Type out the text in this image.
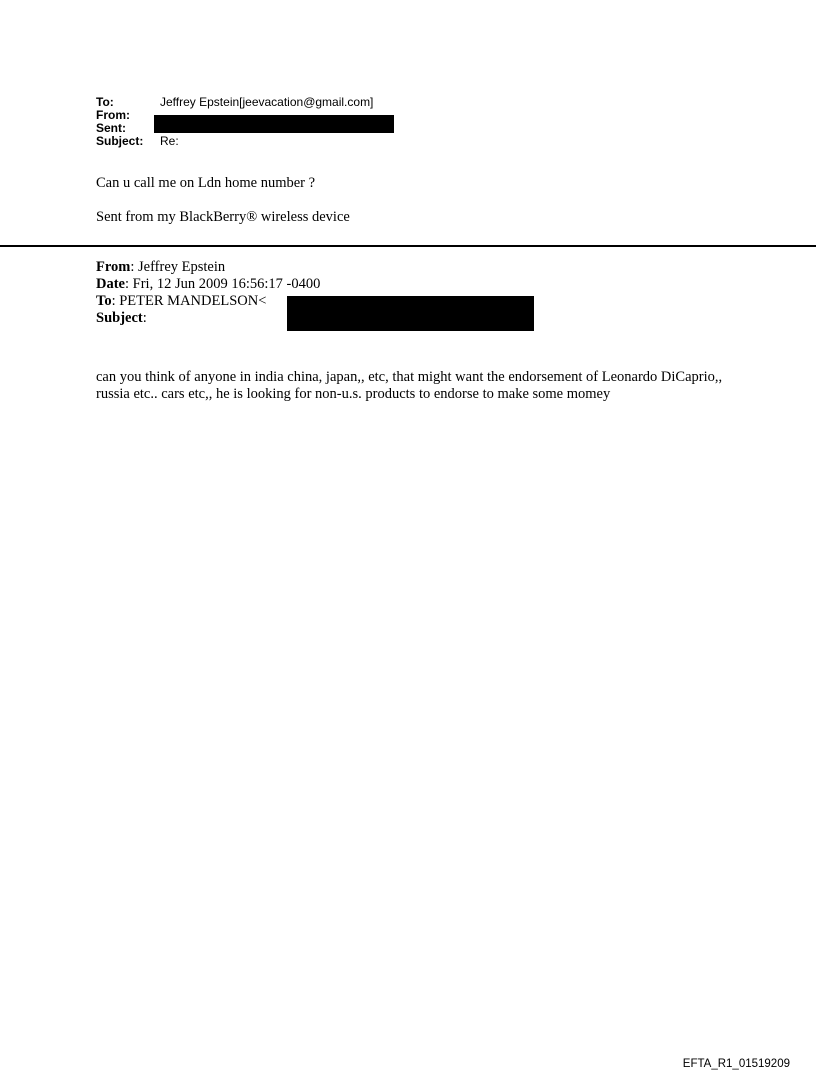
To:	Jeffrey Epstein[jeevacation@gmail.com]
From:
Sent:
Subject:	Re:
Can u call me on Ldn home number ?
Sent from my BlackBerry® wireless device
From: Jeffrey Epstein
Date: Fri, 12 Jun 2009 16:56:17 -0400
To: PETER MANDELSON<
Subject:
can you think of anyone in india china, japan,, etc, that might want the endorsement of Leonardo DiCaprio,, russia etc.. cars etc,, he is looking for non-u.s. products to endorse to make some momey
EFTA_R1_01519209
